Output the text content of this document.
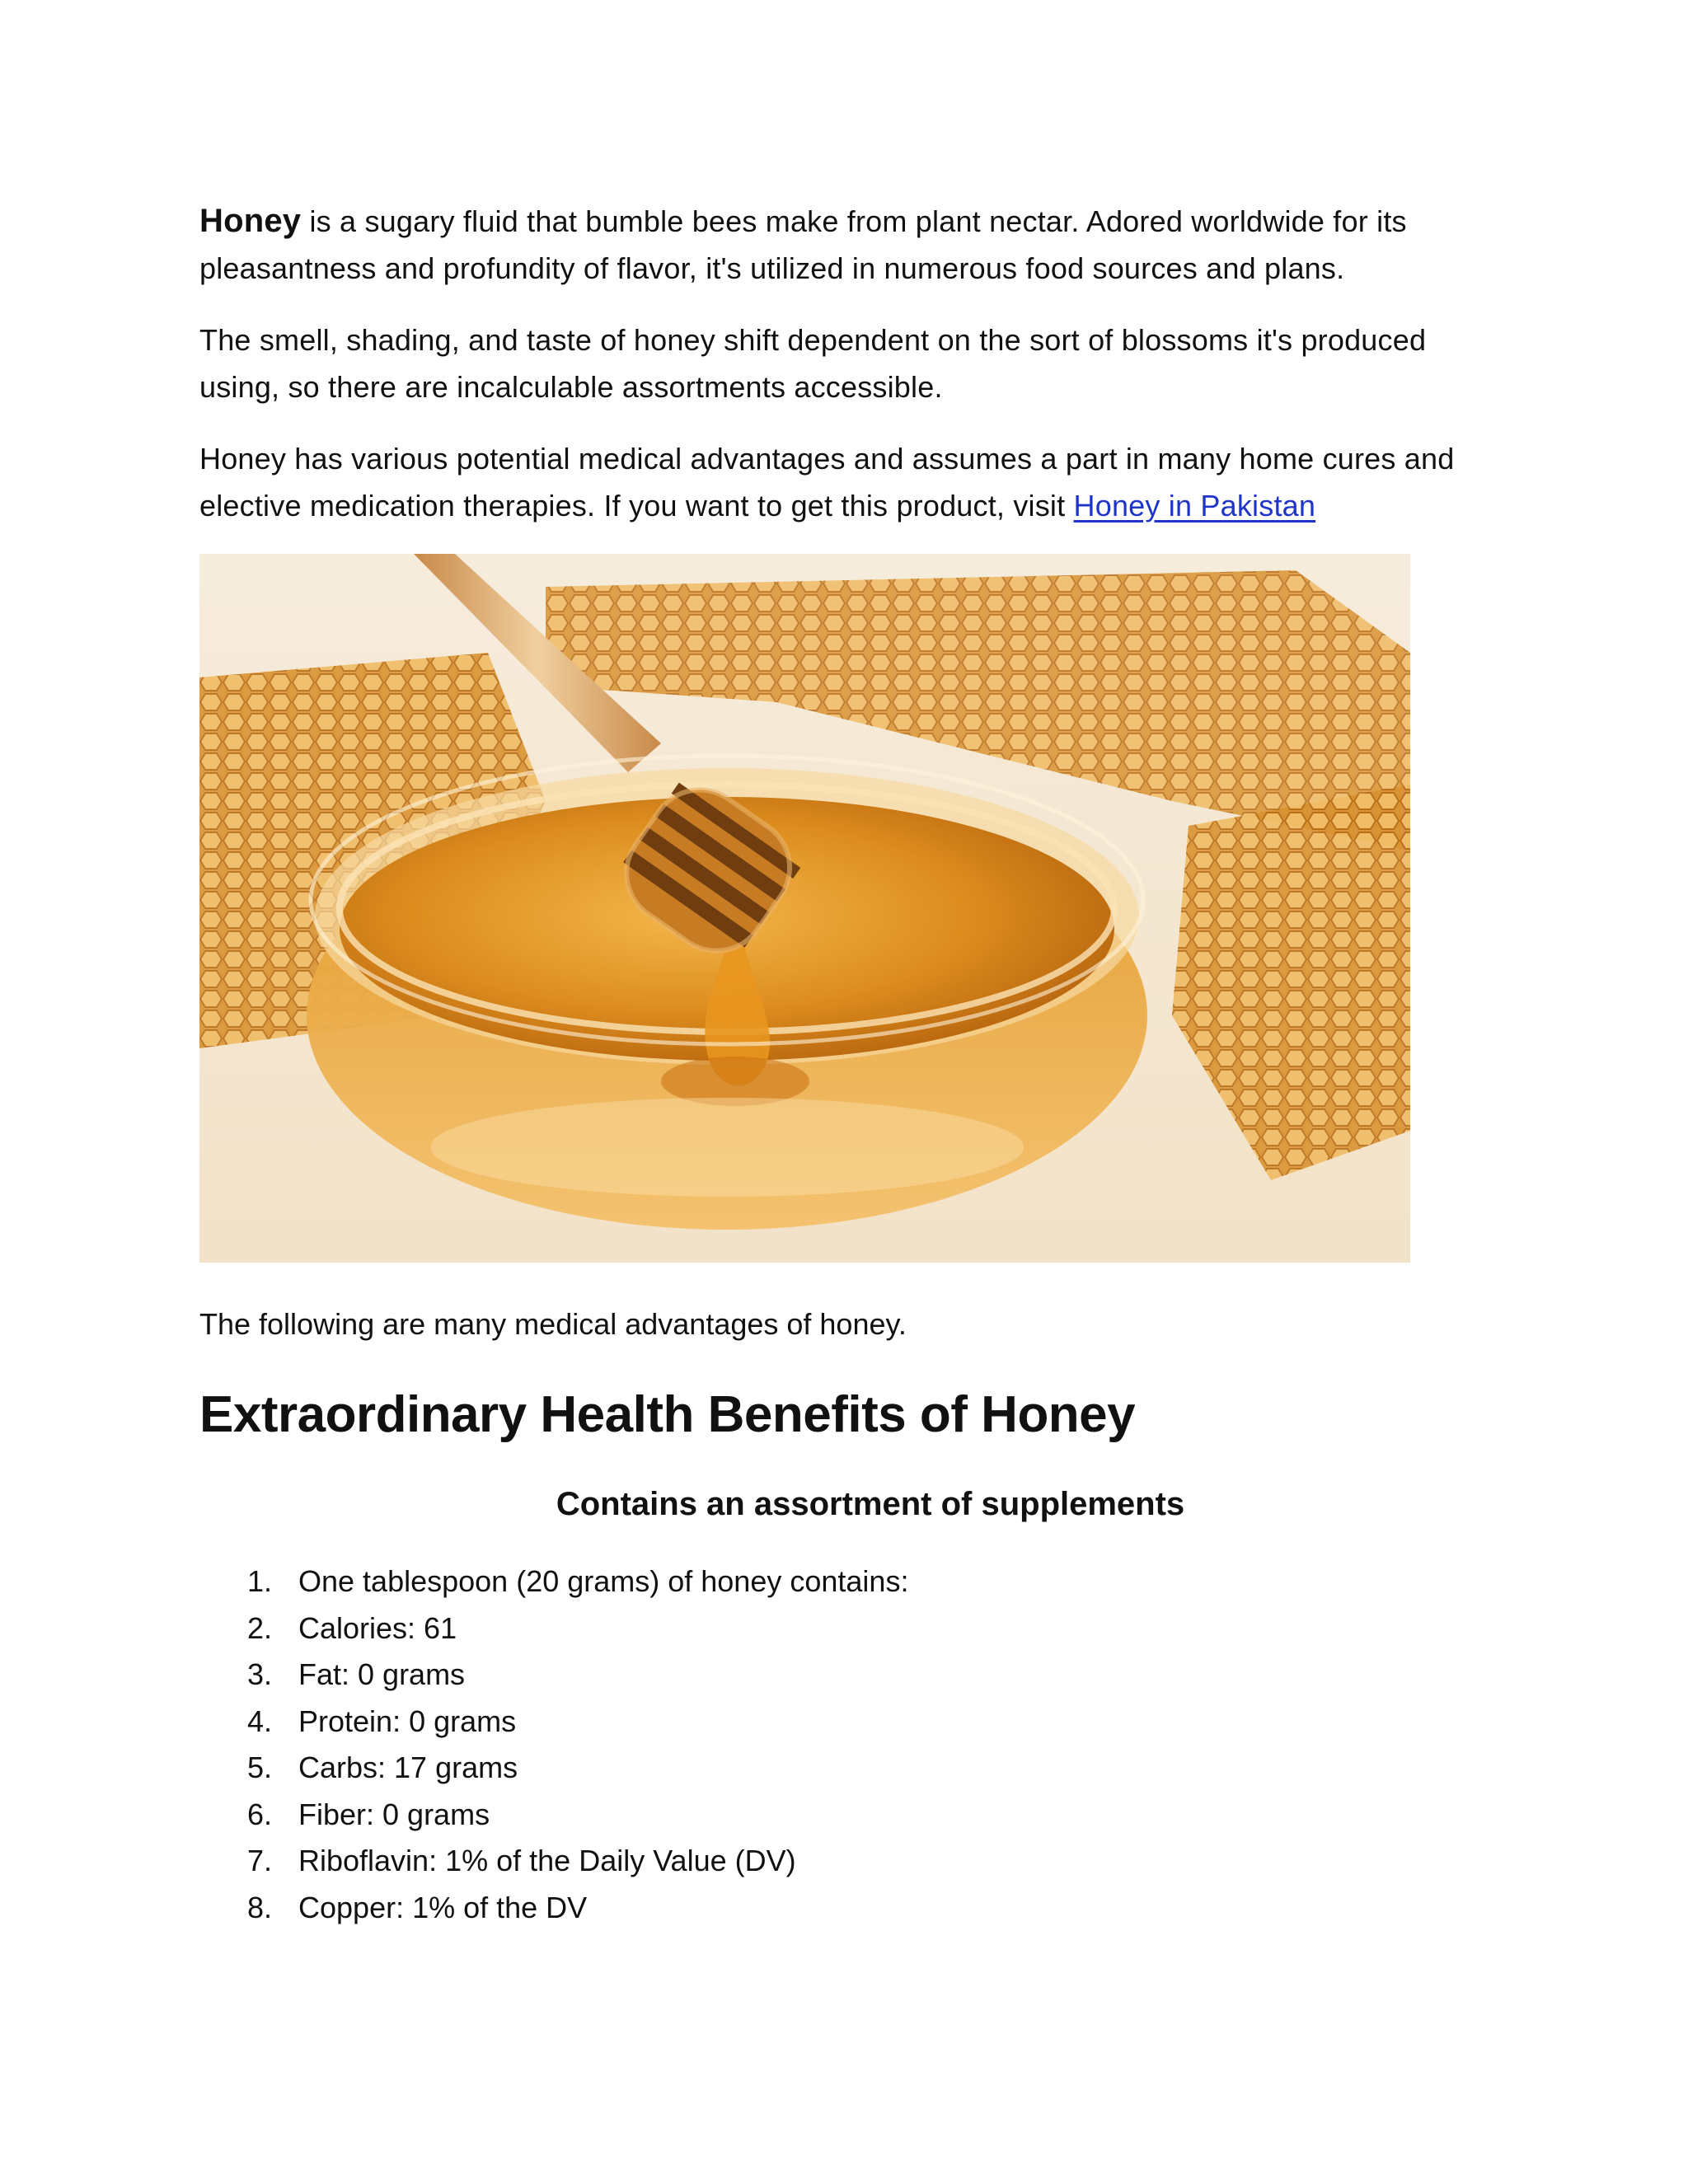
Honey is a sugary fluid that bumble bees make from plant nectar. Adored worldwide for its pleasantness and profundity of flavor, it's utilized in numerous food sources and plans.

The smell, shading, and taste of honey shift dependent on the sort of blossoms it's produced using, so there are incalculable assortments accessible.

Honey has various potential medical advantages and assumes a part in many home cures and elective medication therapies. If you want to get this product, visit Honey in Pakistan

The following are many medical advantages of honey.

Extraordinary Health Benefits of Honey
Contains an assortment of supplements
1. One tablespoon (20 grams) of honey contains:
2. Calories: 61
3. Fat: 0 grams
4. Protein: 0 grams
5. Carbs: 17 grams
6. Fiber: 0 grams
7. Riboflavin: 1% of the Daily Value (DV)
8. Copper: 1% of the DV
